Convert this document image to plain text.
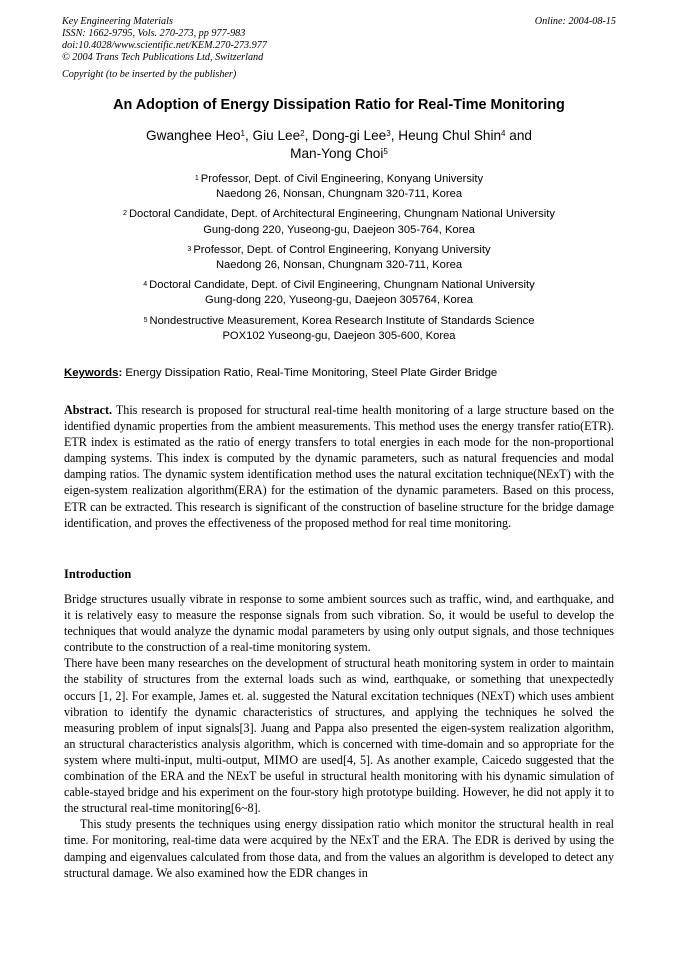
Key Engineering Materials	Online: 2004-08-15
ISSN: 1662-9795, Vols. 270-273, pp 977-983
doi:10.4028/www.scientific.net/KEM.270-273.977
© 2004 Trans Tech Publications Ltd, Switzerland
Copyright (to be inserted by the publisher)
An Adoption of Energy Dissipation Ratio for Real-Time Monitoring
Gwanghee Heo$^1$, Giu Lee$^2$, Dong-gi Lee$^3$, Heung Chul Shin$^4$ and
Man-Yong Choi$^5$
$^1$ Professor, Dept. of Civil Engineering, Konyang University
Naedong 26, Nonsan, Chungnam 320-711, Korea
$^2$ Doctoral Candidate, Dept. of Architectural Engineering, Chungnam National University
Gung-dong 220, Yuseong-gu, Daejeon 305-764, Korea
$^3$ Professor, Dept. of Control Engineering, Konyang University
Naedong 26, Nonsan, Chungnam 320-711, Korea
$^4$ Doctoral Candidate, Dept. of Civil Engineering, Chungnam National University
Gung-dong 220, Yuseong-gu, Daejeon 305764, Korea
$^5$ Nondestructive Measurement, Korea Research Institute of Standards Science
POX102 Yuseong-gu, Daejeon 305-600, Korea
Keywords: Energy Dissipation Ratio, Real-Time Monitoring, Steel Plate Girder Bridge
Abstract. This research is proposed for structural real-time health monitoring of a large structure based on the identified dynamic properties from the ambient measurements. This method uses the energy transfer ratio(ETR). ETR index is estimated as the ratio of energy transfers to total energies in each mode for the non-proportional damping systems. This index is computed by the dynamic parameters, such as natural frequencies and modal damping ratios. The dynamic system identification method uses the natural excitation technique(NExT) with the eigen-system realization algorithm(ERA) for the estimation of the dynamic parameters. Based on this process, ETR can be extracted. This research is significant of the construction of baseline structure for the bridge damage identification, and proves the effectiveness of the proposed method for real time monitoring.
Introduction

Bridge structures usually vibrate in response to some ambient sources such as traffic, wind, and earthquake, and it is relatively easy to measure the response signals from such vibration. So, it would be useful to develop the techniques that would analyze the dynamic modal parameters by using only output signals, and those techniques contribute to the construction of a real-time monitoring system.

There have been many researches on the development of structural heath monitoring system in order to maintain the stability of structures from the external loads such as wind, earthquake, or something that unexpectedly occurs [1, 2]. For example, James et. al. suggested the Natural excitation techniques (NExT) which uses ambient vibration to identify the dynamic characteristics of structures, and applying the techniques he solved the measuring problem of input signals[3]. Juang and Pappa also presented the eigen-system realization algorithm, an structural characteristics analysis algorithm, which is concerned with time-domain and so appropriate for the system where multi-input, multi-output, MIMO are used[4, 5]. As another example, Caicedo suggested that the combination of the ERA and the NExT be useful in structural health monitoring with his dynamic simulation of cable-stayed bridge and his experiment on the four-story high prototype building. However, he did not apply it to the structural real-time monitoring[6~8].

This study presents the techniques using energy dissipation ratio which monitor the structural health in real time. For monitoring, real-time data were acquired by the NExT and the ERA. The EDR is derived by using the damping and eigenvalues calculated from those data, and from the values an algorithm is developed to detect any structural damage. We also examined how the EDR changes in
